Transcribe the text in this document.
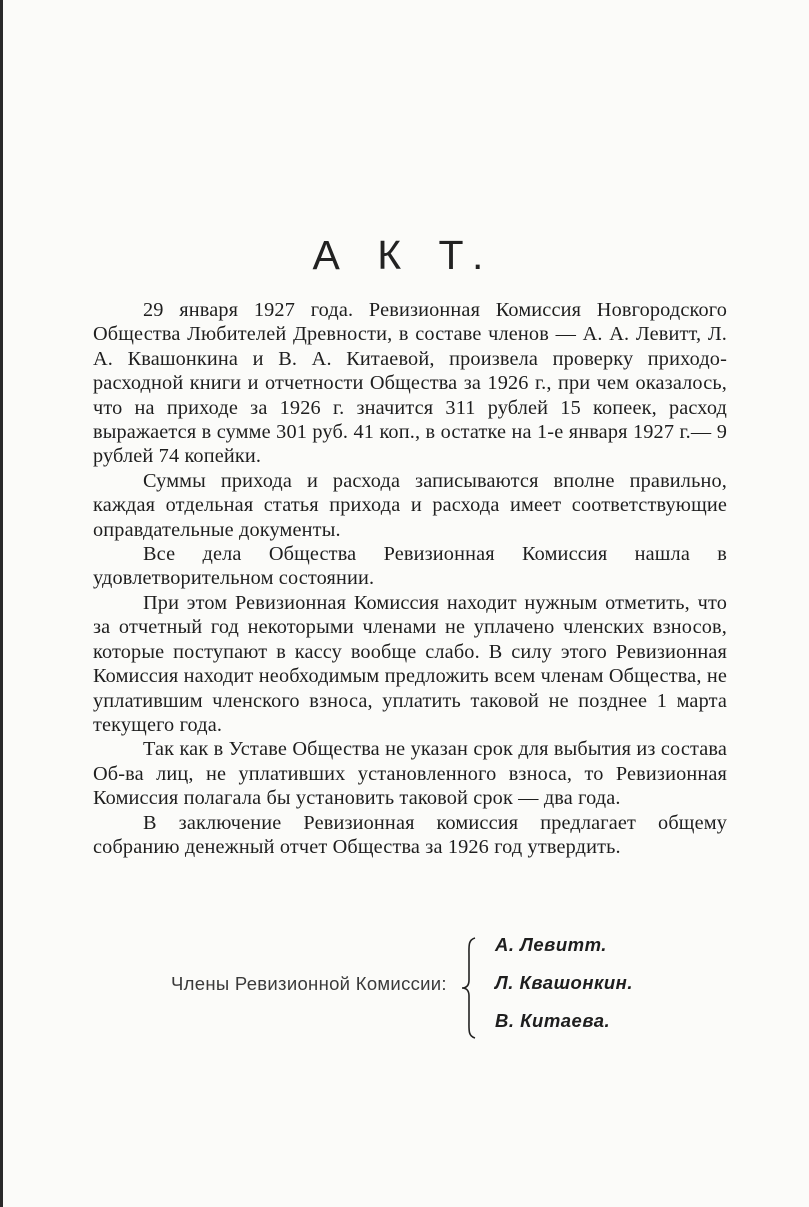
А К Т.

29 января 1927 года. Ревизионная Комиссия Новгородского Общества Любителей Древности, в составе членов — А. А. Левитт, Л. А. Квашонкина и В. А. Китаевой, произвела проверку приходо-расходной книги и отчетности Общества за 1926 г., при чем оказалось, что на приходе за 1926 г. значится 311 рублей 15 копеек, расход выражается в сумме 301 руб. 41 коп., в остатке на 1-е января 1927 г.— 9 рублей 74 копейки.

Суммы прихода и расхода записываются вполне правильно, каждая отдельная статья прихода и расхода имеет соответствующие оправдательные документы.

Все дела Общества Ревизионная Комиссия нашла в удовлетворительном состоянии.

При этом Ревизионная Комиссия находит нужным отметить, что за отчетный год некоторыми членами не уплачено членских взносов, которые поступают в кассу вообще слабо. В силу этого Ревизионная Комиссия находит необходимым предложить всем членам Общества, не уплатившим членского взноса, уплатить таковой не позднее 1 марта текущего года.

Так как в Уставе Общества не указан срок для выбытия из состава Об-ва лиц, не уплативших установленного взноса, то Ревизионная Комиссия полагала бы установить таковой срок — два года.

В заключение Ревизионная комиссия предлагает общему собранию денежный отчет Общества за 1926 год утвердить.

Члены Ревизионной Комиссии:
А. Левитт.
Л. Квашонкин.
В. Китаева.
